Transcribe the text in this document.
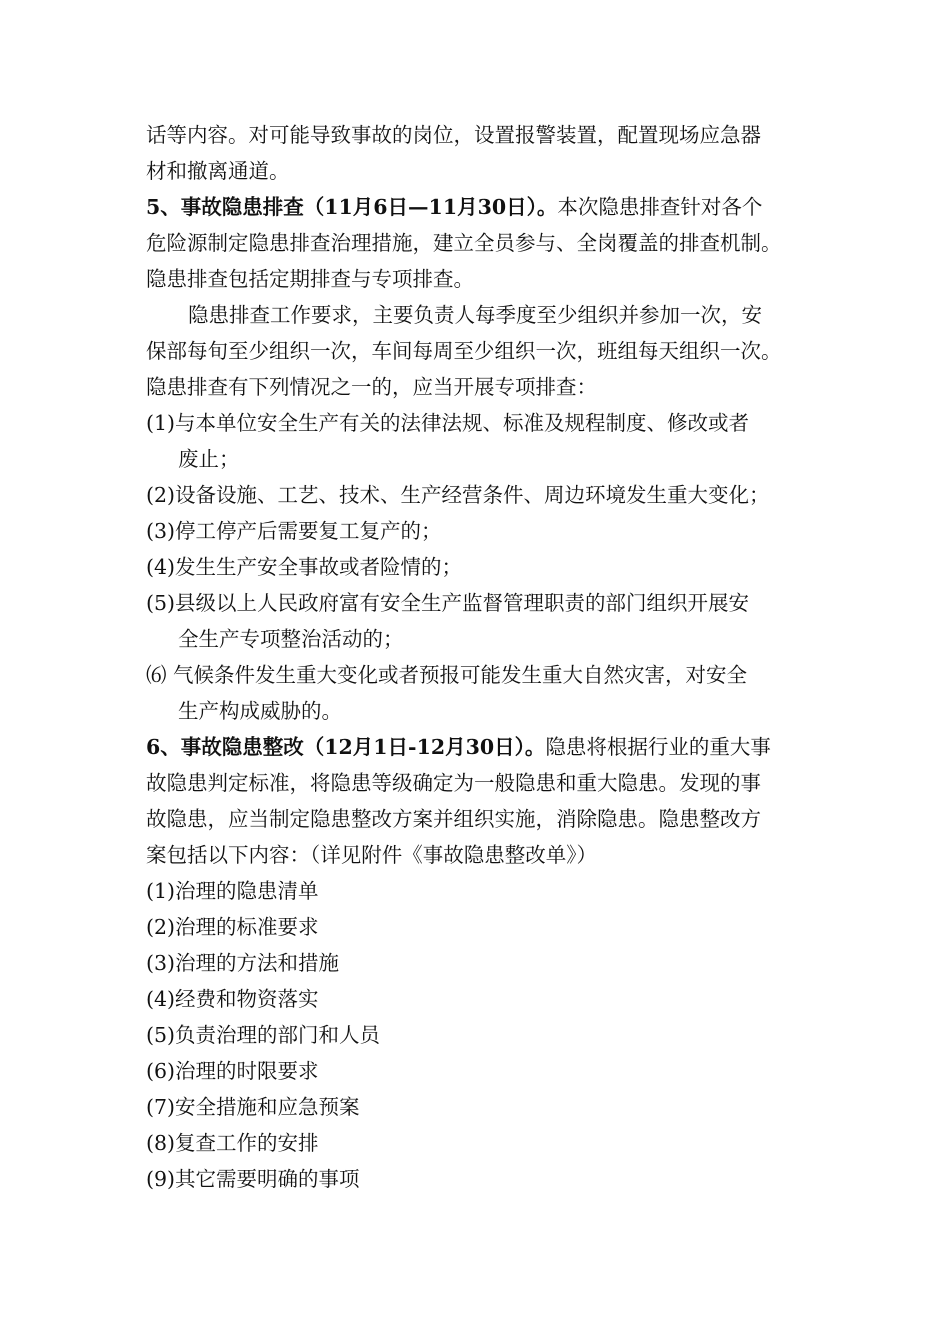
话等内容。对可能导致事故的岗位，设置报警装置，配置现场应急器
材和撤离通道。
5、事故隐患排查（11月6日—11月30日）。本次隐患排查针对各个
危险源制定隐患排查治理措施，建立全员参与、全岗覆盖的排查机制。
隐患排查包括定期排查与专项排查。
隐患排查工作要求，主要负责人每季度至少组织并参加一次，安
保部每旬至少组织一次，车间每周至少组织一次，班组每天组织一次。
隐患排查有下列情况之一的，应当开展专项排查：
(1)与本单位安全生产有关的法律法规、标准及规程制度、修改或者
废止；
(2)设备设施、工艺、技术、生产经营条件、周边环境发生重大变化；
(3)停工停产后需要复工复产的；
(4)发生生产安全事故或者险情的；
(5)县级以上人民政府富有安全生产监督管理职责的部门组织开展安
全生产专项整治活动的；
⑹ 气候条件发生重大变化或者预报可能发生重大自然灾害，对安全
生产构成威胁的。
6、事故隐患整改（12月1日-12月30日）。隐患将根据行业的重大事
故隐患判定标准，将隐患等级确定为一般隐患和重大隐患。发现的事
故隐患，应当制定隐患整改方案并组织实施，消除隐患。隐患整改方
案包括以下内容：（详见附件《事故隐患整改单》）
(1)治理的隐患清单
(2)治理的标准要求
(3)治理的方法和措施
(4)经费和物资落实
(5)负责治理的部门和人员
(6)治理的时限要求
(7)安全措施和应急预案
(8)复查工作的安排
(9)其它需要明确的事项
